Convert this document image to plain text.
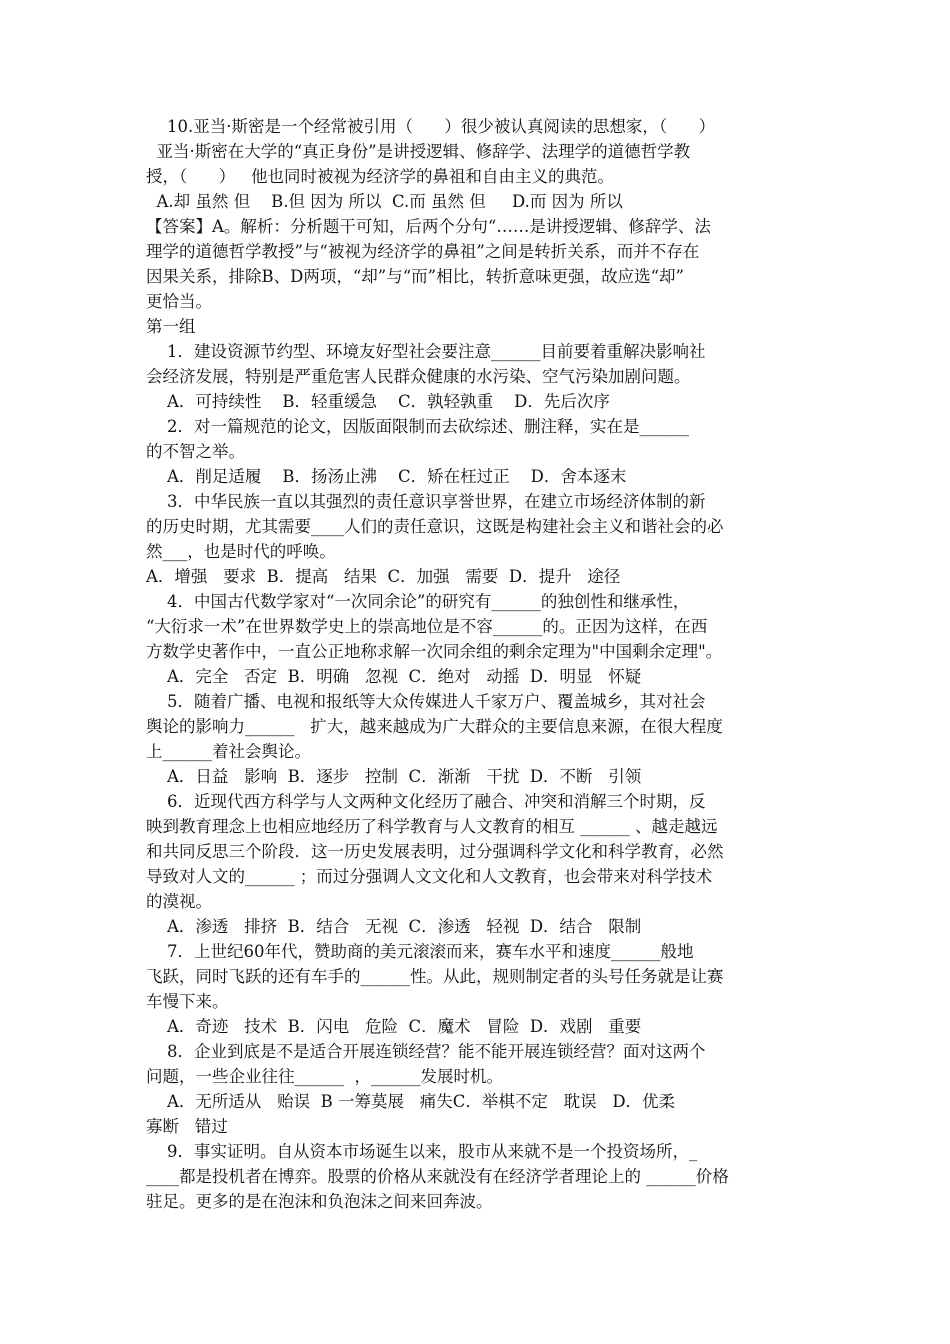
10.亚当·斯密是一个经常被引用（      ）很少被认真阅读的思想家，（      ）
亚当·斯密在大学的“真正身份”是讲授逻辑、修辞学、法理学的道德哲学教
授，（      ）   他也同时被视为经济学的鼻祖和自由主义的典范。
A.却 虽然 但    B.但 因为 所以  C.而 虽然 但     D.而 因为 所以
【答案】A。解析：分析题干可知，后两个分句“……是讲授逻辑、修辞学、法
理学的道德哲学教授”与“被视为经济学的鼻祖”之间是转折关系，而并不存在
因果关系，排除B、D两项，“却”与“而”相比，转折意味更强，故应选“却”
更恰当。
第一组
1．建设资源节约型、环境友好型社会要注意______目前要着重解决影响社
会经济发展，特别是严重危害人民群众健康的水污染、空气污染加剧问题。
A．可持续性    B．轻重缓急    C．孰轻孰重    D．先后次序
2．对一篇规范的论文，因版面限制而去砍综述、删注释，实在是______
的不智之举。
A．削足适履    B．扬汤止沸    C．矫在枉过正    D．舍本逐末
3．中华民族一直以其强烈的责任意识享誉世界，在建立市场经济体制的新
的历史时期，尤其需要____人们的责任意识，这既是构建社会主义和谐社会的必
然___，也是时代的呼唤。
A．增强   要求  B．提高   结果  C．加强   需要  D．提升   途径
4．中国古代数学家对“一次同余论”的研究有______的独创性和继承性，
“大衍求一术”在世界数学史上的崇高地位是不容______的。正因为这样，在西
方数学史著作中，一直公正地称求解一次同余组的剩余定理为"中国剩余定理"。
A．完全   否定  B．明确   忽视  C．绝对   动摇  D．明显   怀疑
5．随着广播、电视和报纸等大众传媒进人千家万户、覆盖城乡，其对社会
舆论的影响力______   扩大，越来越成为广大群众的主要信息来源，在很大程度
上______着社会舆论。
A．日益   影响  B．逐步   控制  C．渐渐   干扰  D．不断   引领
6．近现代西方科学与人文两种文化经历了融合、冲突和消解三个时期，反
映到教育理念上也相应地经历了科学教育与人文教育的相互 ______ 、越走越远
和共同反思三个阶段．这一历史发展表明，过分强调科学文化和科学教育，必然
导致对人文的______ ；而过分强调人文文化和人文教育，也会带来对科学技术
的漠视。
A．渗透   排挤  B．结合   无视  C．渗透   轻视  D．结合   限制
7．上世纪60年代，赞助商的美元滚滚而来，赛车水平和速度______般地
飞跃，同时飞跃的还有车手的______性。从此，规则制定者的头号任务就是让赛
车慢下来。
A．奇迹   技术  B．闪电   危险  C．魔术   冒险  D．戏剧   重要
8．企业到底是不是适合开展连锁经营？能不能开展连锁经营？面对这两个
问题，一些企业往往______  ，______发展时机。
A．无所适从   贻误  B 一筹莫展   痛失C．举棋不定   耽误   D．优柔
寡断   错过
9．事实证明。自从资本市场诞生以来，股市从来就不是一个投资场所，_
____都是投机者在博弈。股票的价格从来就没有在经济学者理论上的 ______价格
驻足。更多的是在泡沫和负泡沫之间来回奔波。
